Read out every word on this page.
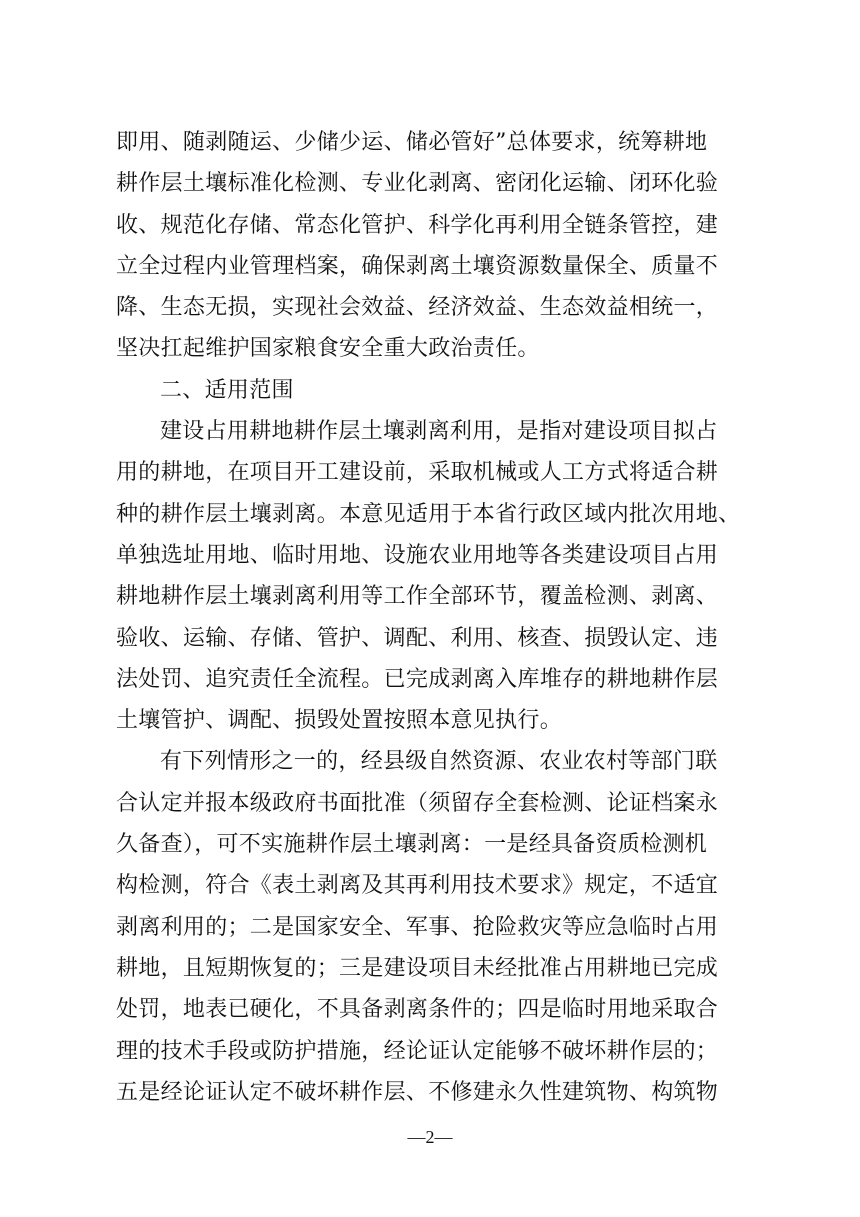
即用、随剥随运、少储少运、储必管好”总体要求，统筹耕地
耕作层土壤标准化检测、专业化剥离、密闭化运输、闭环化验
收、规范化存储、常态化管护、科学化再利用全链条管控，建
立全过程内业管理档案，确保剥离土壤资源数量保全、质量不
降、生态无损，实现社会效益、经济效益、生态效益相统一，
坚决扛起维护国家粮食安全重大政治责任。
二、适用范围
建设占用耕地耕作层土壤剥离利用，是指对建设项目拟占
用的耕地，在项目开工建设前，采取机械或人工方式将适合耕
种的耕作层土壤剥离。本意见适用于本省行政区域内批次用地、
单独选址用地、临时用地、设施农业用地等各类建设项目占用
耕地耕作层土壤剥离利用等工作全部环节，覆盖检测、剥离、
验收、运输、存储、管护、调配、利用、核查、损毁认定、违
法处罚、追究责任全流程。已完成剥离入库堆存的耕地耕作层
土壤管护、调配、损毁处置按照本意见执行。
有下列情形之一的，经县级自然资源、农业农村等部门联
合认定并报本级政府书面批准（须留存全套检测、论证档案永
久备查），可不实施耕作层土壤剥离：一是经具备资质检测机
构检测，符合《表土剥离及其再利用技术要求》规定，不适宜
剥离利用的；二是国家安全、军事、抢险救灾等应急临时占用
耕地，且短期恢复的；三是建设项目未经批准占用耕地已完成
处罚，地表已硬化，不具备剥离条件的；四是临时用地采取合
理的技术手段或防护措施，经论证认定能够不破坏耕作层的；
五是经论证认定不破坏耕作层、不修建永久性建筑物、构筑物
—2—
